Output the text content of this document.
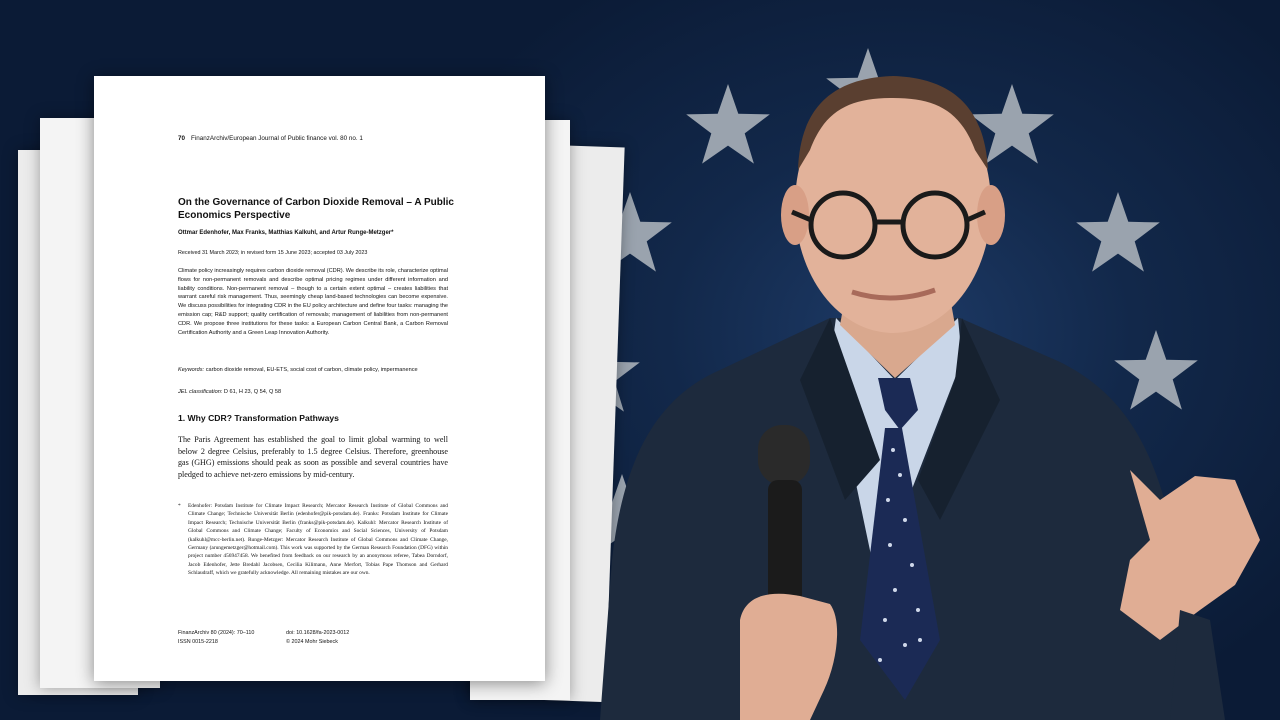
70 FinanzArchiv/European Journal of Public finance vol. 80 no. 1
On the Governance of Carbon Dioxide Removal – A Public Economics Perspective
Ottmar Edenhofer, Max Franks, Matthias Kalkuhl, and Artur Runge-Metzger*
Received 31 March 2023; in revised form 15 June 2023; accepted 03 July 2023
Climate policy increasingly requires carbon dioxide removal (CDR). We describe its role, characterize optimal flows for non-permanent removals and describe optimal pricing regimes under different information and liability conditions. Non-permanent removal – though to a certain extent optimal – creates liabilities that warrant careful risk management. Thus, seemingly cheap land-based technologies can become expensive. We discuss possibilities for integrating CDR in the EU policy architecture and define four tasks: managing the emission cap; R&D support; quality certification of removals; management of liabilities from non-permanent CDR. We propose three institutions for these tasks: a European Carbon Central Bank, a Carbon Removal Certification Authority and a Green Leap Innovation Authority.
Keywords: carbon dioxide removal, EU-ETS, social cost of carbon, climate policy, impermanence
JEL classification: D 61, H 23, Q 54, Q 58
1. Why CDR? Transformation Pathways
The Paris Agreement has established the goal to limit global warming to well below 2 degree Celsius, preferably to 1.5 degree Celsius. Therefore, greenhouse gas (GHG) emissions should peak as soon as possible and several countries have pledged to achieve net-zero emissions by mid-century.
* Edenhofer: Potsdam Institute for Climate Impact Research; Mercator Research Institute of Global Commons and Climate Change; Technische Universität Berlin (edenhofer@pik-potsdam.de). Franks: Potsdam Institute for Climate Impact Research; Technische Universität Berlin (franks@pik-potsdam.de). Kalkuhl: Mercator Research Institute of Global Commons and Climate Change; Faculty of Economics and Social Sciences, University of Potsdam (kalkuhl@mcc-berlin.net). Runge-Metzger: Mercator Research Institute of Global Commons and Climate Change, Germany (arungemetzger@hotmail.com). This work was supported by the German Research Foundation (DFG) within project number 456947458. We benefited from feedback on our research by an anonymous referee, Tabea Dorndorf, Jacob Edenhofer, Jette Bredahl Jacobsen, Cecilia Kilimann, Anne Merfort, Tobias Pape Thomson and Gerhard Schlaudraff, which we gratefully acknowledge. All remaining mistakes are our own.
FinanzArchiv 80 (2024): 70–110
ISSN 0015-2218
doi: 10.1628/fa-2023-0012
© 2024 Mohr Siebeck
